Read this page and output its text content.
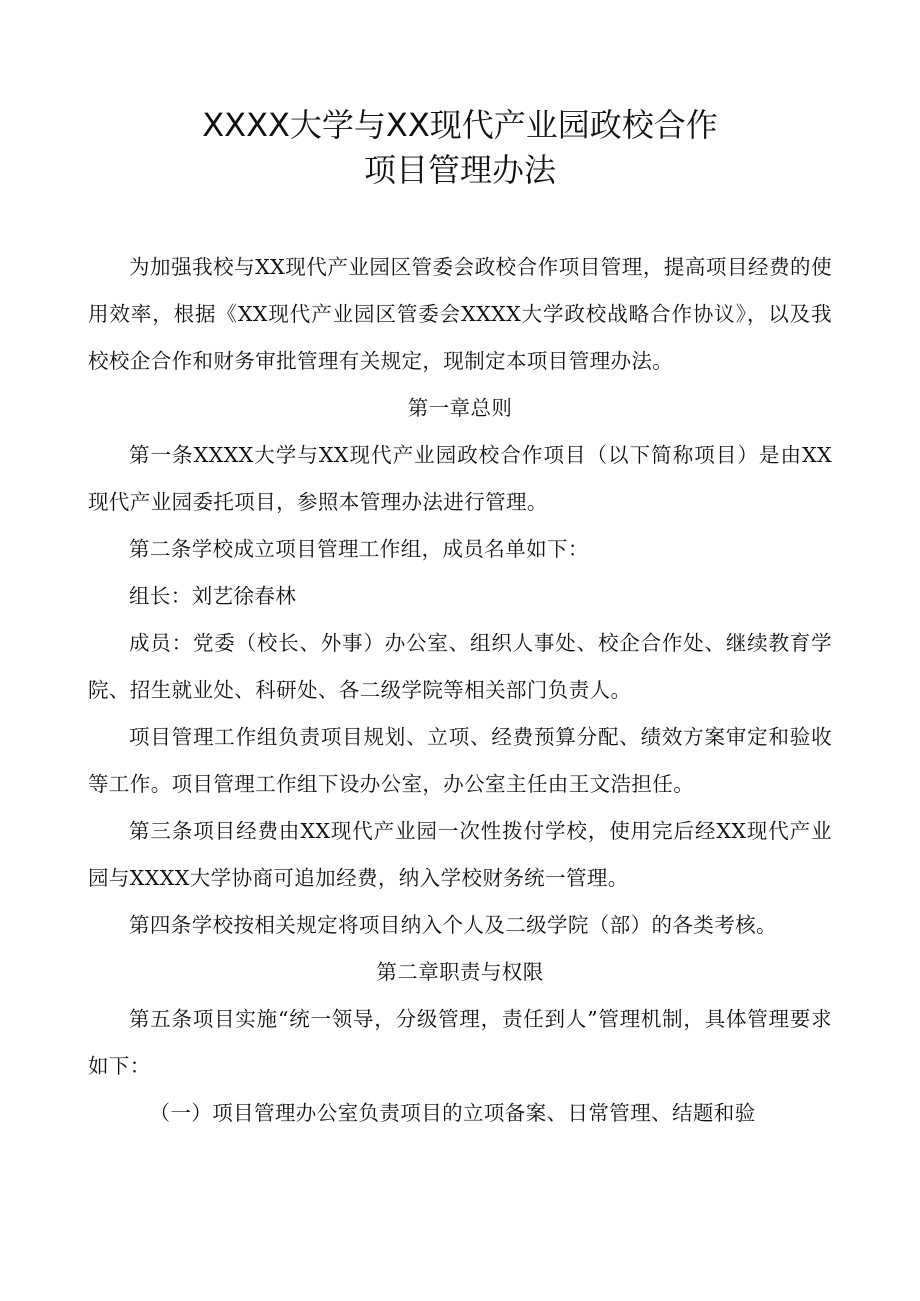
XXXX大学与XX现代产业园政校合作
项目管理办法

为加强我校与XX现代产业园区管委会政校合作项目管理，提高项目经费的使用效率，根据《XX现代产业园区管委会XXXX大学政校战略合作协议》，以及我校校企合作和财务审批管理有关规定，现制定本项目管理办法。

第一章总则

第一条XXXX大学与XX现代产业园政校合作项目（以下简称项目）是由XX现代产业园委托项目，参照本管理办法进行管理。

第二条学校成立项目管理工作组，成员名单如下：

组长：刘艺徐春林

成员：党委（校长、外事）办公室、组织人事处、校企合作处、继续教育学院、招生就业处、科研处、各二级学院等相关部门负责人。

项目管理工作组负责项目规划、立项、经费预算分配、绩效方案审定和验收等工作。项目管理工作组下设办公室，办公室主任由王文浩担任。

第三条项目经费由XX现代产业园一次性拨付学校，使用完后经XX现代产业园与XXXX大学协商可追加经费，纳入学校财务统一管理。

第四条学校按相关规定将项目纳入个人及二级学院（部）的各类考核。

第二章职责与权限

第五条项目实施“统一领导，分级管理，责任到人”管理机制，具体管理要求如下：

（一）项目管理办公室负责项目的立项备案、日常管理、结题和验
